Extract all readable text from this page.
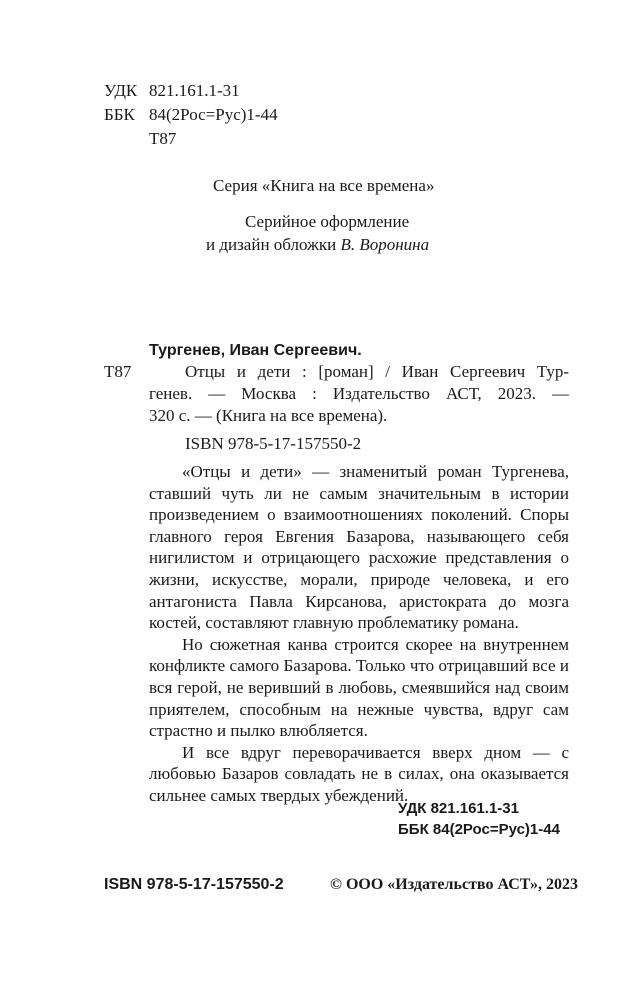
УДК 821.161.1-31
ББК 84(2Рос=Рус)1-44
Т87
Серия «Книга на все времена»
Серийное оформление
и дизайн обложки В. Воронина
Тургенев, Иван Сергеевич.
Т87	Отцы и дети : [роман] / Иван Сергеевич Тур-
генев. — Москва : Издательство АСТ, 2023. —
320 с. — (Книга на все времена).
ISBN 978-5-17-157550-2

«Отцы и дети» — знаменитый роман Тургенева, ставший чуть ли не самым значительным в истории произведением о взаимоотношениях поколений. Споры главного героя Евгения Базарова, называющего себя нигилистом и отрицающего расхожие представления о жизни, искусстве, морали, природе человека, и его антагониста Павла Кирсанова, аристократа до мозга костей, составляют главную проблематику романа.

Но сюжетная канва строится скорее на внутреннем конфликте самого Базарова. Только что отрицавший все и вся герой, не веривший в любовь, смеявшийся над своим приятелем, способным на нежные чувства, вдруг сам страстно и пылко влюбляется.

И все вдруг переворачивается вверх дном — с любовью Базаров совладать не в силах, она оказывается сильнее самых твердых убеждений.

УДК 821.161.1-31
ББК 84(2Рос=Рус)1-44
ISBN 978-5-17-157550-2	© ООО «Издательство АСТ», 2023
